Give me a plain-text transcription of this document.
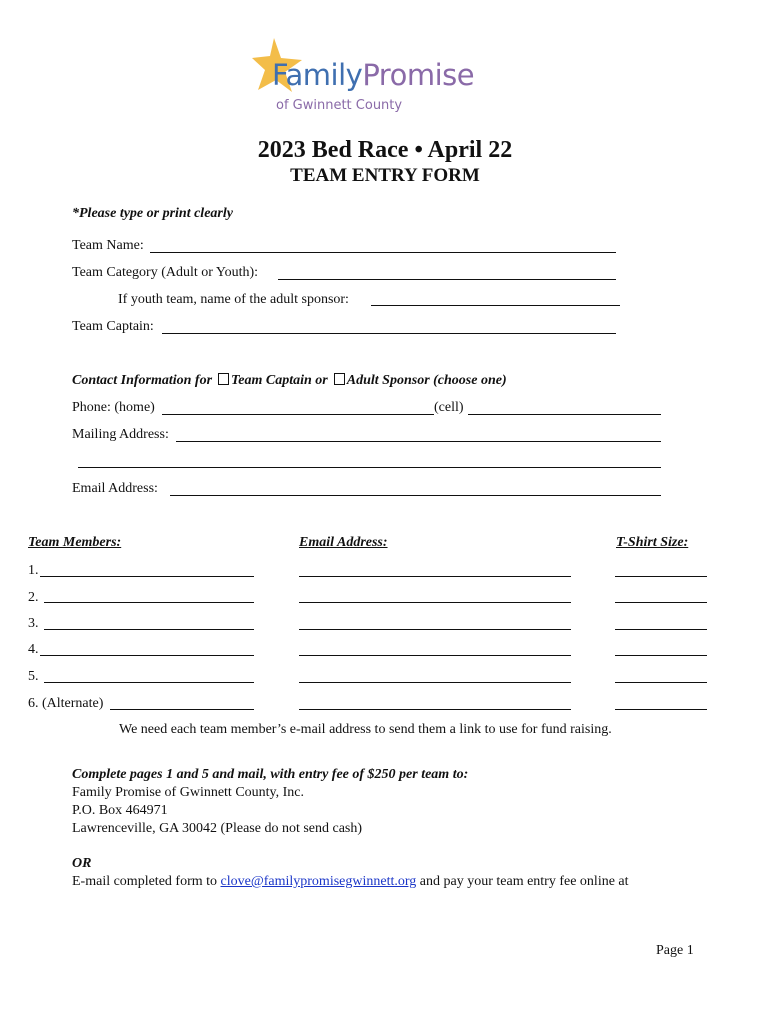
FamilyPromise
of Gwinnett County
2023 Bed Race • April 22
TEAM ENTRY FORM
*Please type or print clearly
Team Name:
Team Category (Adult or Youth):
If youth team, name of the adult sponsor:
Team Captain:
Contact Information for Team Captain or Adult Sponsor (choose one)
Phone: (home)	(cell)
Mailing Address:
Email Address:
Team Members:	Email Address:	T-Shirt Size:
1.
2.
3.
4.
5.
6. (Alternate)
We need each team member’s e-mail address to send them a link to use for fund raising.
Complete pages 1 and 5 and mail, with entry fee of $250 per team to:
Family Promise of Gwinnett County, Inc.
P.O. Box 464971
Lawrenceville, GA 30042 (Please do not send cash)
OR
E-mail completed form to clove@familypromisegwinnett.org and pay your team entry fee online at
Page 1
